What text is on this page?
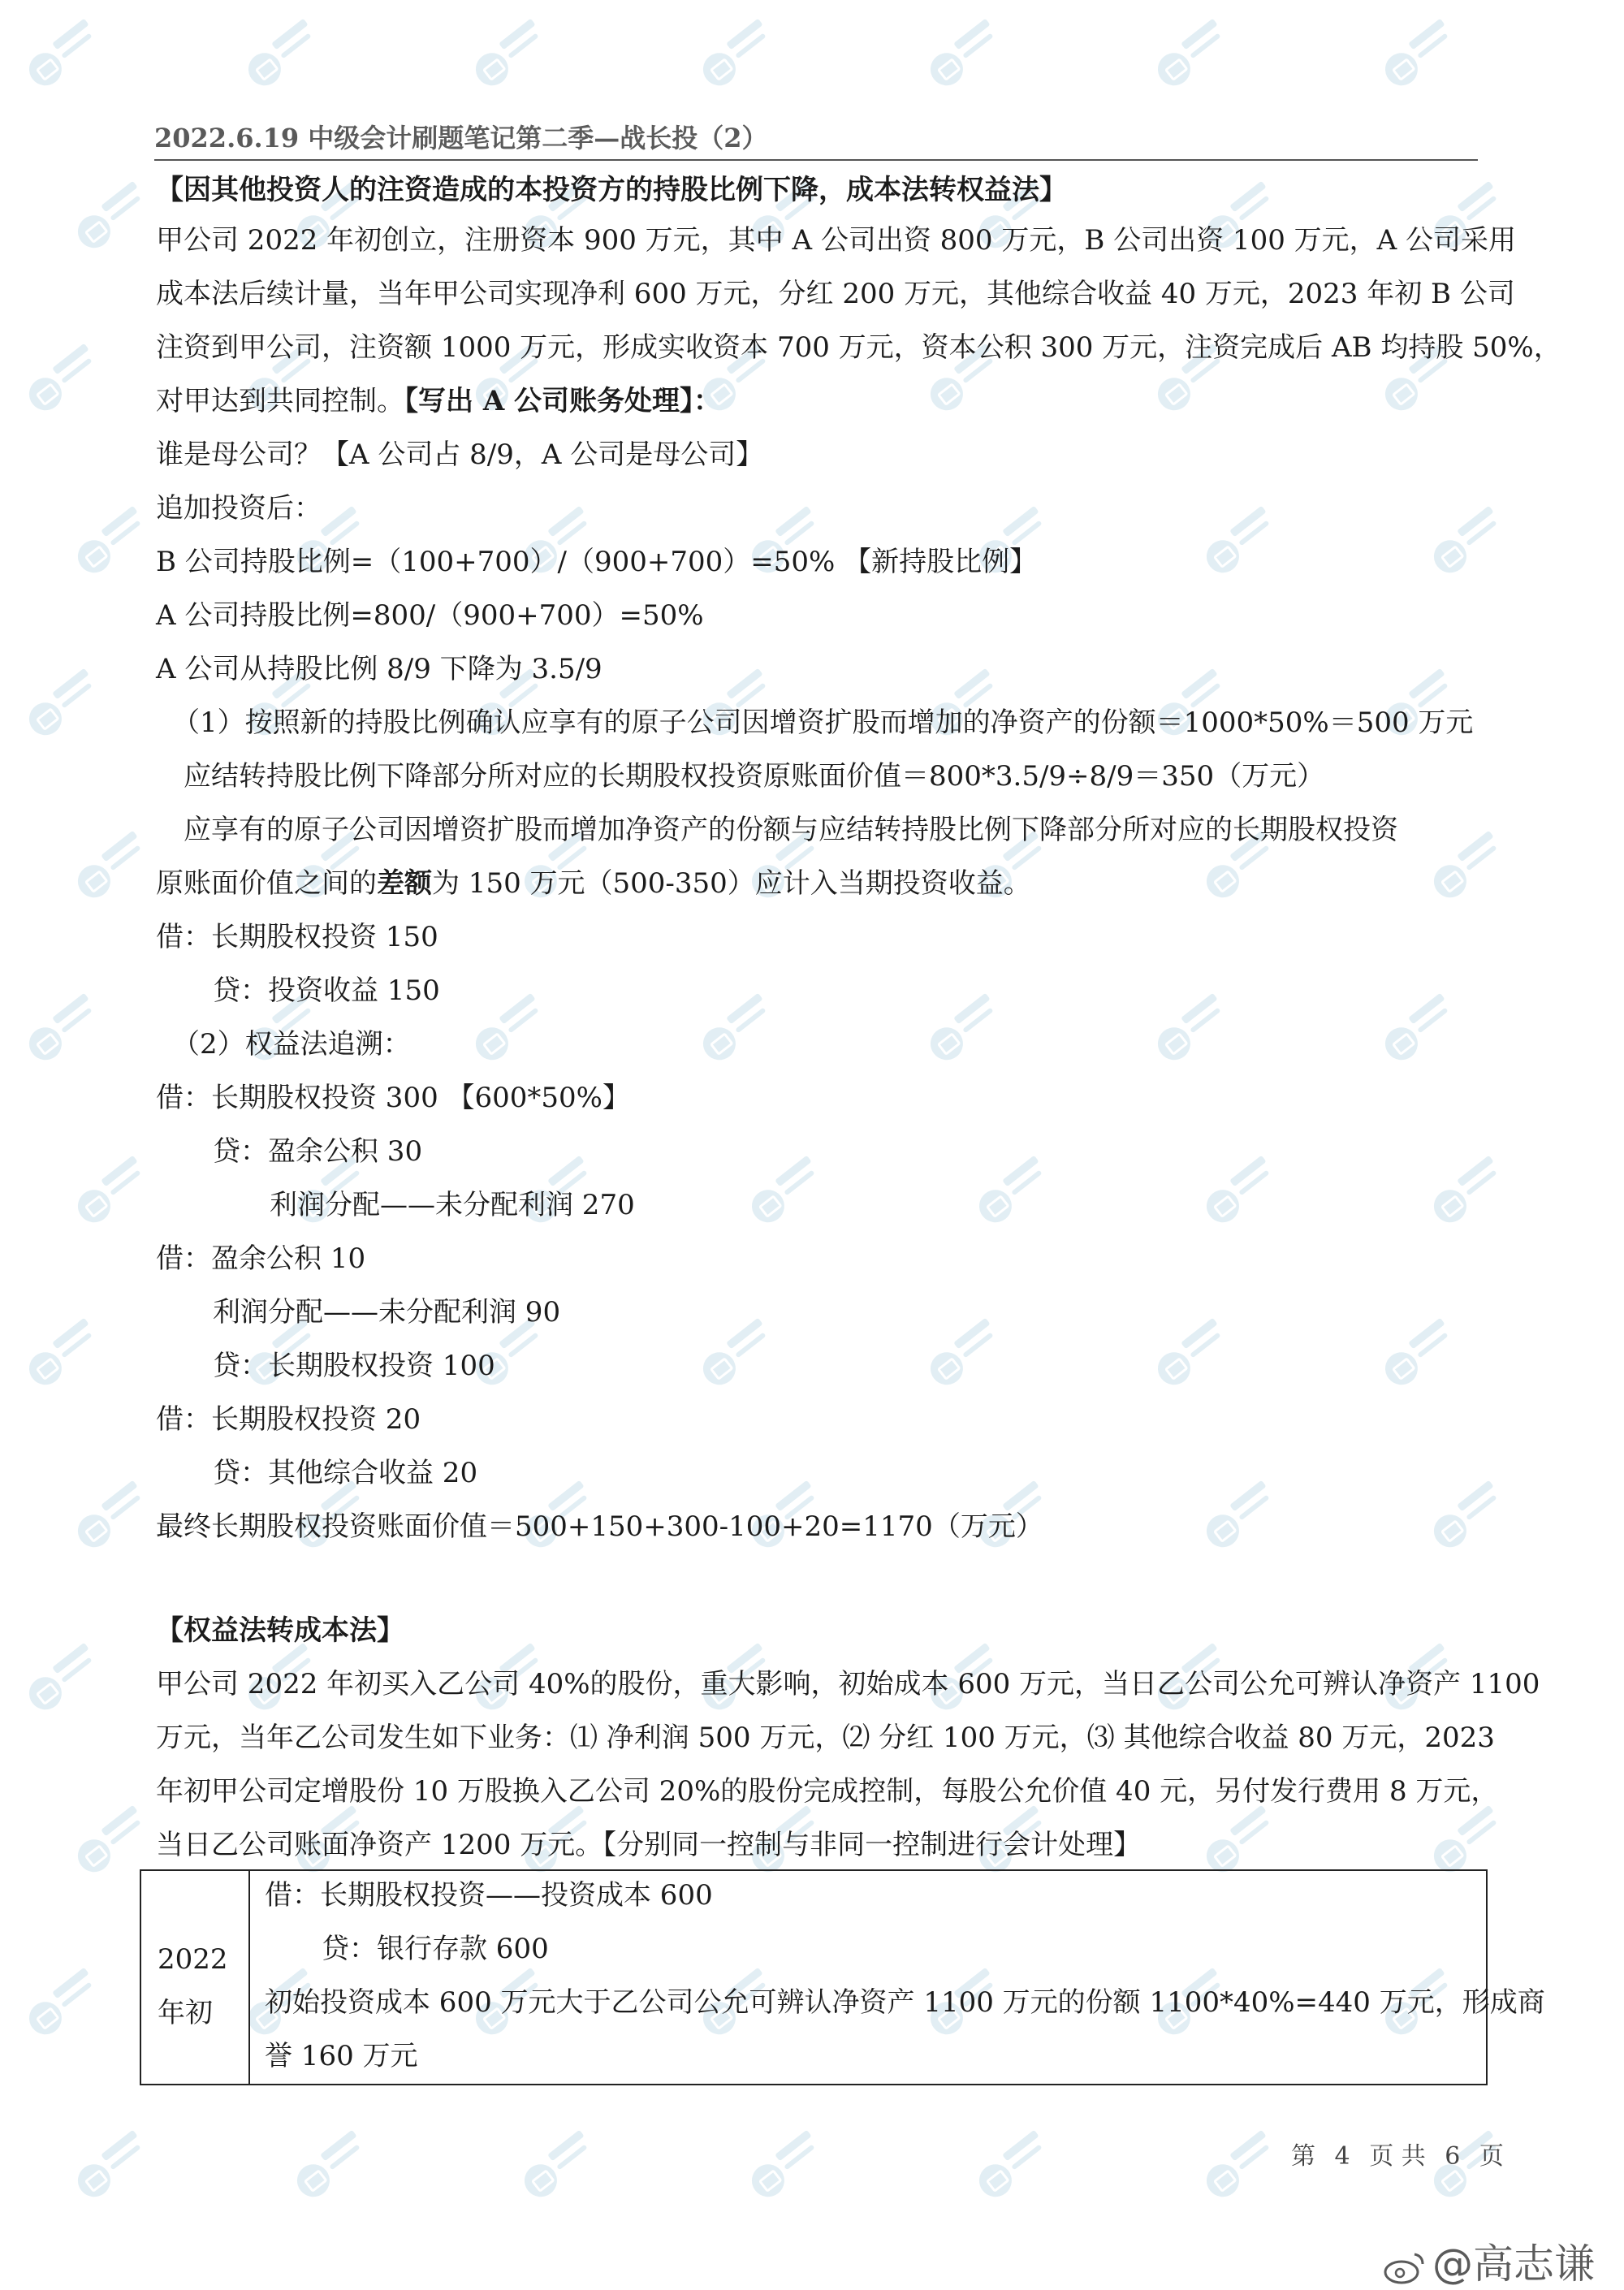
2022.6.19 中级会计刷题笔记第二季—战长投（2）
【因其他投资人的注资造成的本投资方的持股比例下降，成本法转权益法】
甲公司 2022 年初创立，注册资本 900 万元，其中 A 公司出资 800 万元，B 公司出资 100 万元，A 公司采用
成本法后续计量，当年甲公司实现净利 600 万元，分红 200 万元，其他综合收益 40 万元，2023 年初 B 公司
注资到甲公司，注资额 1000 万元，形成实收资本 700 万元，资本公积 300 万元，注资完成后 AB 均持股 50%，
对甲达到共同控制。【写出 A 公司账务处理】：
谁是母公司？【A 公司占 8/9，A 公司是母公司】
追加投资后：
B 公司持股比例=（100+700）/（900+700）=50% 【新持股比例】
A 公司持股比例=800/（900+700）=50%
A 公司从持股比例 8/9 下降为 3.5/9
（1）按照新的持股比例确认应享有的原子公司因增资扩股而增加的净资产的份额＝1000*50%＝500 万元
应结转持股比例下降部分所对应的长期股权投资原账面价值＝800*3.5/9÷8/9＝350（万元）
应享有的原子公司因增资扩股而增加净资产的份额与应结转持股比例下降部分所对应的长期股权投资
原账面价值之间的差额为 150 万元（500-350）应计入当期投资收益。
借：长期股权投资 150
贷：投资收益 150
（2）权益法追溯：
借：长期股权投资 300 【600*50%】
贷：盈余公积 30
利润分配——未分配利润 270
借：盈余公积 10
利润分配——未分配利润 90
贷：长期股权投资 100
借：长期股权投资 20
贷：其他综合收益 20
最终长期股权投资账面价值＝500+150+300-100+20=1170（万元）
【权益法转成本法】
甲公司 2022 年初买入乙公司 40%的股份，重大影响，初始成本 600 万元，当日乙公司公允可辨认净资产 1100
万元，当年乙公司发生如下业务：⑴ 净利润 500 万元，⑵ 分红 100 万元，⑶ 其他综合收益 80 万元，2023
年初甲公司定增股份 10 万股换入乙公司 20%的股份完成控制，每股公允价值 40 元，另付发行费用 8 万元，
当日乙公司账面净资产 1200 万元。【分别同一控制与非同一控制进行会计处理】
2022
年初
借：长期股权投资——投资成本 600
贷：银行存款 600
初始投资成本 600 万元大于乙公司公允可辨认净资产 1100 万元的份额 1100*40%=440 万元，形成商
誉 160 万元
第 4 页 共 6 页
@高志谦
